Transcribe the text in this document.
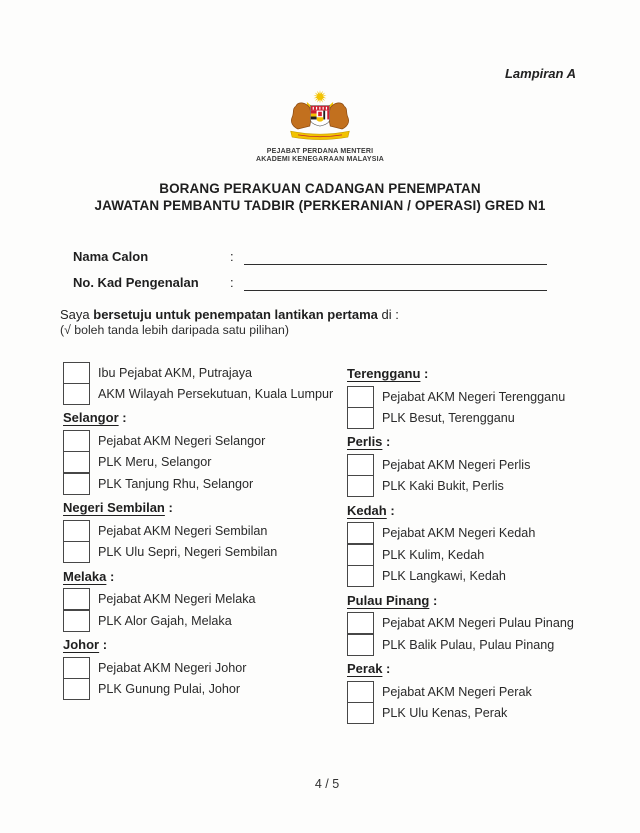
Lampiran A
PEJABAT PERDANA MENTERI
AKADEMI KENEGARAAN MALAYSIA
BORANG PERAKUAN CADANGAN PENEMPATAN
JAWATAN PEMBANTU TADBIR (PERKERANIAN / OPERASI) GRED N1
Nama Calon	:
No. Kad Pengenalan	:
Saya bersetuju untuk penempatan lantikan pertama di :
(√ boleh tanda lebih daripada satu pilihan)
Ibu Pejabat AKM, Putrajaya
AKM Wilayah Persekutuan, Kuala Lumpur
Selangor :
Pejabat AKM Negeri Selangor
PLK Meru, Selangor
PLK Tanjung Rhu, Selangor
Negeri Sembilan :
Pejabat AKM Negeri Sembilan
PLK Ulu Sepri, Negeri Sembilan
Melaka :
Pejabat AKM Negeri Melaka
PLK Alor Gajah, Melaka
Johor :
Pejabat AKM Negeri Johor
PLK Gunung Pulai, Johor
Terengganu :
Pejabat AKM Negeri Terengganu
PLK Besut, Terengganu
Perlis :
Pejabat AKM Negeri Perlis
PLK Kaki Bukit, Perlis
Kedah :
Pejabat AKM Negeri Kedah
PLK Kulim, Kedah
PLK Langkawi, Kedah
Pulau Pinang :
Pejabat AKM Negeri Pulau Pinang
PLK Balik Pulau, Pulau Pinang
Perak :
Pejabat AKM Negeri Perak
PLK Ulu Kenas, Perak
4 / 5
